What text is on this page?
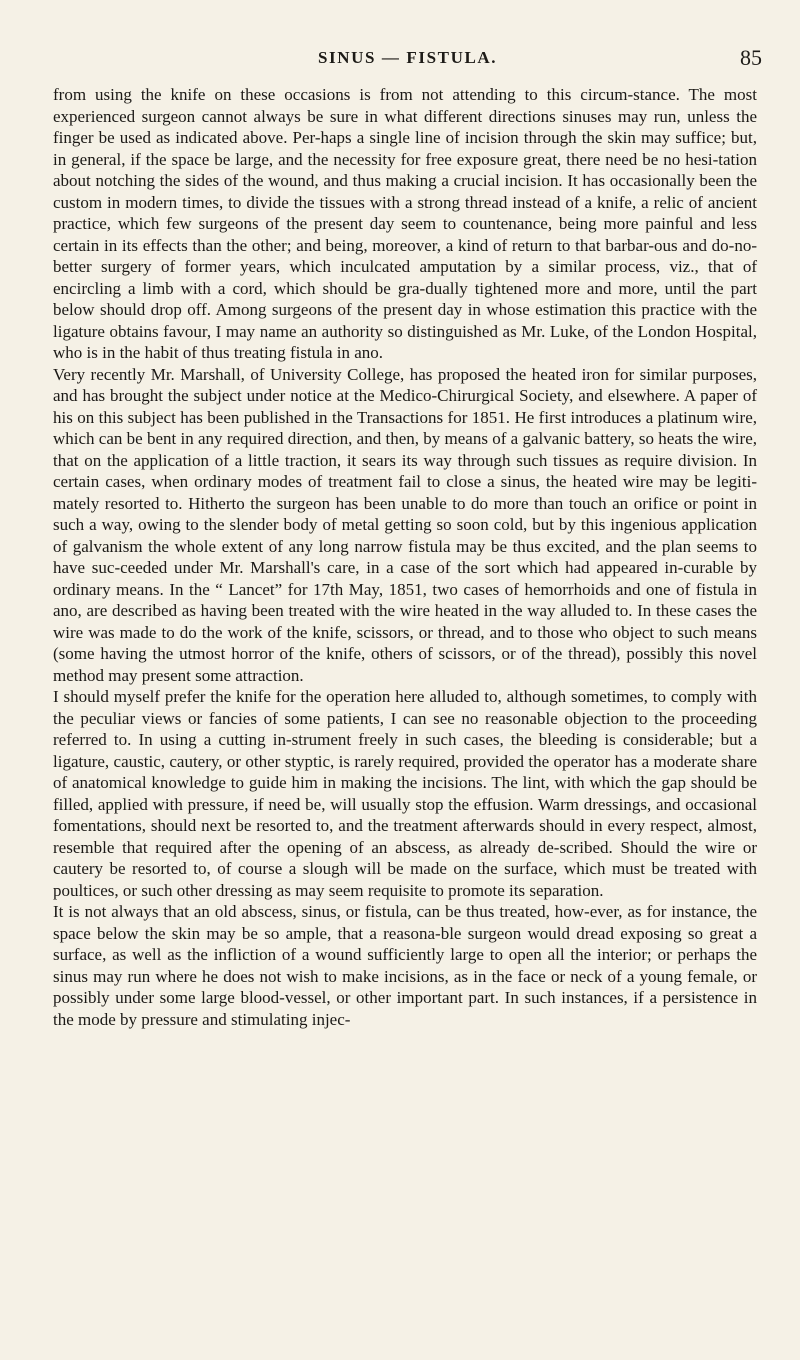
SINUS — FISTULA.	85

from using the knife on these occasions is from not attending to this circum-stance. The most experienced surgeon cannot always be sure in what different directions sinuses may run, unless the finger be used as indicated above. Per-haps a single line of incision through the skin may suffice; but, in general, if the space be large, and the necessity for free exposure great, there need be no hesi-tation about notching the sides of the wound, and thus making a crucial incision. It has occasionally been the custom in modern times, to divide the tissues with a strong thread instead of a knife, a relic of ancient practice, which few surgeons of the present day seem to countenance, being more painful and less certain in its effects than the other; and being, moreover, a kind of return to that barbar-ous and do-no-better surgery of former years, which inculcated amputation by a similar process, viz., that of encircling a limb with a cord, which should be gra-dually tightened more and more, until the part below should drop off. Among surgeons of the present day in whose estimation this practice with the ligature obtains favour, I may name an authority so distinguished as Mr. Luke, of the London Hospital, who is in the habit of thus treating fistula in ano.

Very recently Mr. Marshall, of University College, has proposed the heated iron for similar purposes, and has brought the subject under notice at the Medico-Chirurgical Society, and elsewhere. A paper of his on this subject has been published in the Transactions for 1851. He first introduces a platinum wire, which can be bent in any required direction, and then, by means of a galvanic battery, so heats the wire, that on the application of a little traction, it sears its way through such tissues as require division. In certain cases, when ordinary modes of treatment fail to close a sinus, the heated wire may be legiti-mately resorted to. Hitherto the surgeon has been unable to do more than touch an orifice or point in such a way, owing to the slender body of metal getting so soon cold, but by this ingenious application of galvanism the whole extent of any long narrow fistula may be thus excited, and the plan seems to have suc-ceeded under Mr. Marshall's care, in a case of the sort which had appeared in-curable by ordinary means. In the “ Lancet” for 17th May, 1851, two cases of hemorrhoids and one of fistula in ano, are described as having been treated with the wire heated in the way alluded to. In these cases the wire was made to do the work of the knife, scissors, or thread, and to those who object to such means (some having the utmost horror of the knife, others of scissors, or of the thread), possibly this novel method may present some attraction.

I should myself prefer the knife for the operation here alluded to, although sometimes, to comply with the peculiar views or fancies of some patients, I can see no reasonable objection to the proceeding referred to. In using a cutting in-strument freely in such cases, the bleeding is considerable; but a ligature, caustic, cautery, or other styptic, is rarely required, provided the operator has a moderate share of anatomical knowledge to guide him in making the incisions. The lint, with which the gap should be filled, applied with pressure, if need be, will usually stop the effusion. Warm dressings, and occasional fomentations, should next be resorted to, and the treatment afterwards should in every respect, almost, resemble that required after the opening of an abscess, as already de-scribed. Should the wire or cautery be resorted to, of course a slough will be made on the surface, which must be treated with poultices, or such other dressing as may seem requisite to promote its separation.

It is not always that an old abscess, sinus, or fistula, can be thus treated, how-ever, as for instance, the space below the skin may be so ample, that a reasona-ble surgeon would dread exposing so great a surface, as well as the infliction of a wound sufficiently large to open all the interior; or perhaps the sinus may run where he does not wish to make incisions, as in the face or neck of a young female, or possibly under some large blood-vessel, or other important part. In such instances, if a persistence in the mode by pressure and stimulating injec-
